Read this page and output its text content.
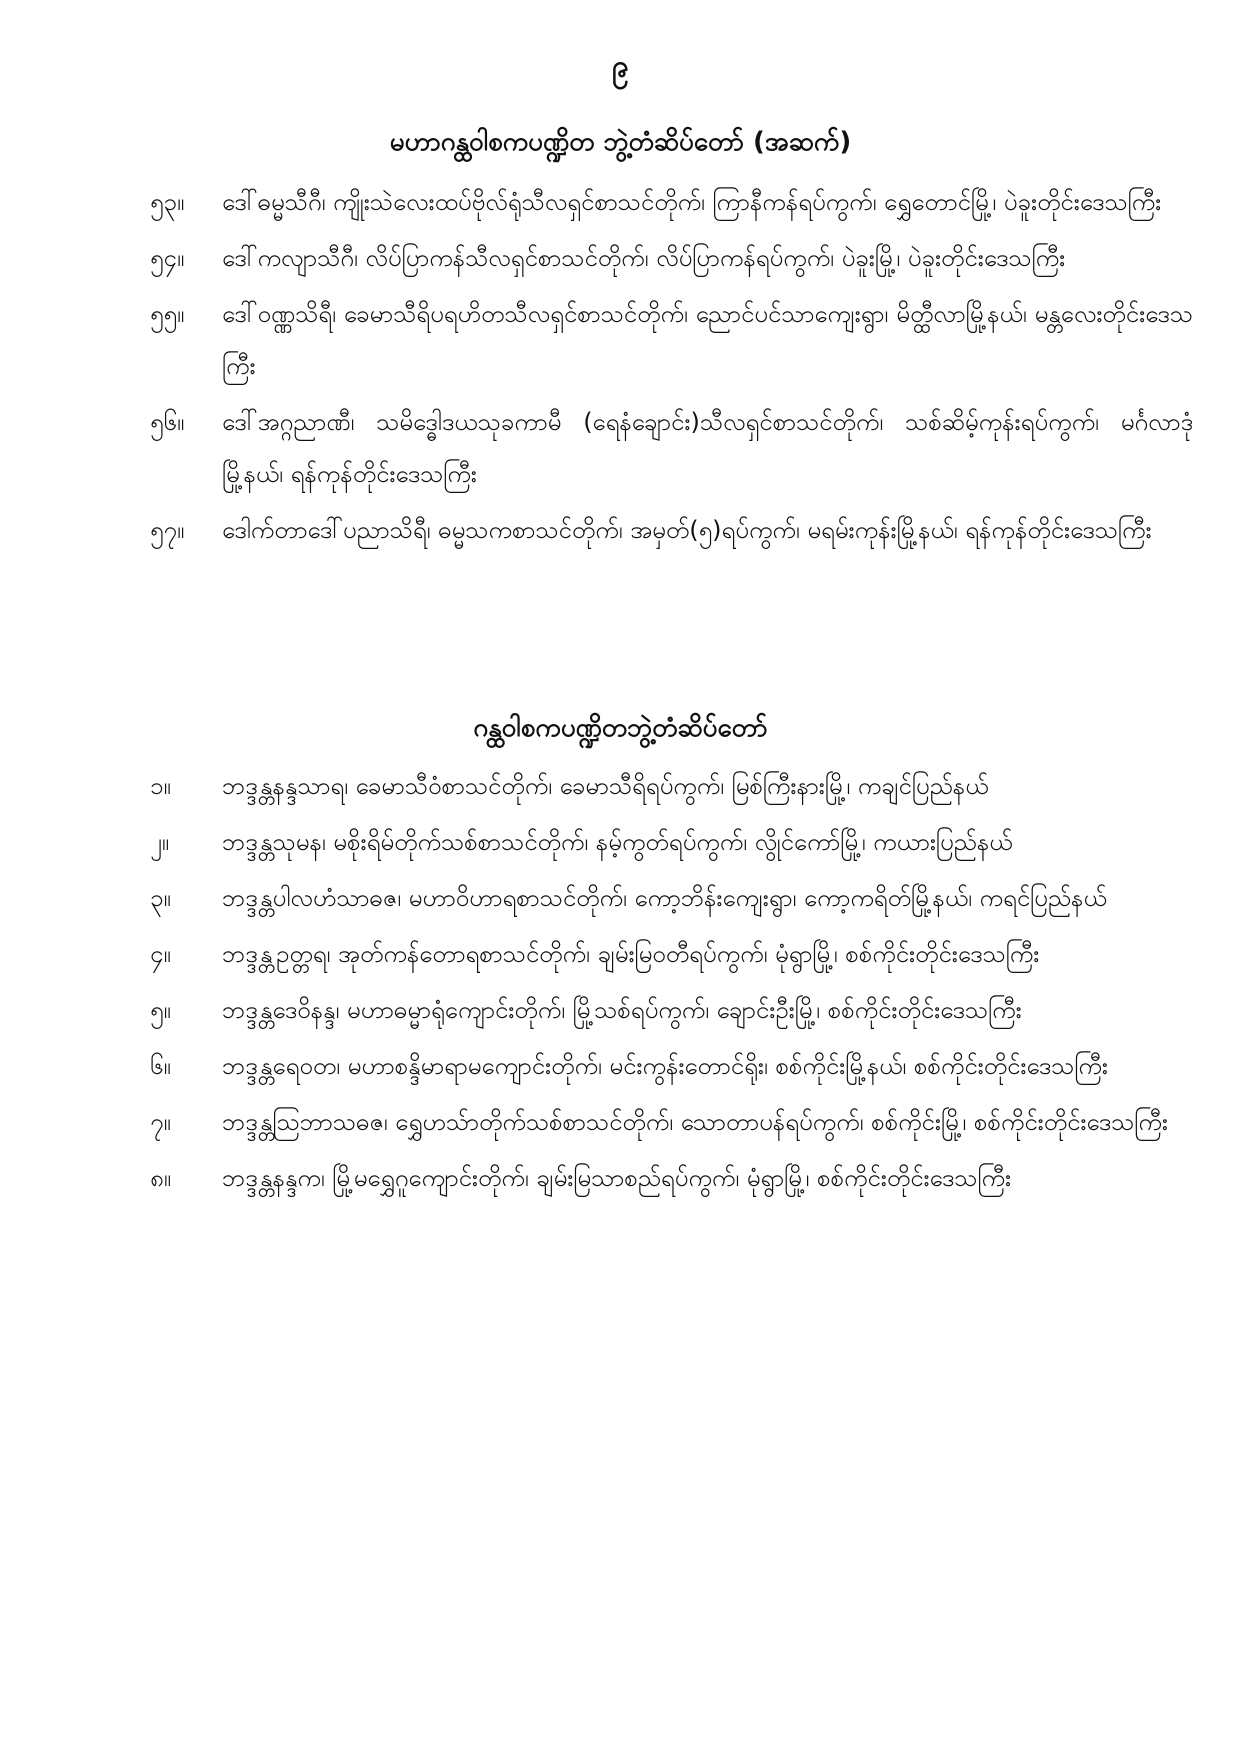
၉
မဟာဂန္ထဝါစကပဏ္ဍိတ ဘွဲ့တံဆိပ်တော် (အဆက်)
၅၃။ ဒေါ်ဓမ္မသီဂီ၊ ကျိုးသဲလေးထပ်ဗိုလ်ရုံသီလရှင်စာသင်တိုက်၊ ကြာနီကန်ရပ်ကွက်၊ ရွှေတောင်မြို့၊ ပဲခူးတိုင်းဒေသကြီး
၅၄။ ဒေါ်ကလျာသီဂီ၊ လိပ်ပြာကန်သီလရှင်စာသင်တိုက်၊ လိပ်ပြာကန်ရပ်ကွက်၊ ပဲခူးမြို့၊ ပဲခူးတိုင်းဒေသကြီး
၅၅။ ဒေါ်ဝဏ္ဏသိရီ၊ ခေမာသီရိပရဟိတသီလရှင်စာသင်တိုက်၊ ညောင်ပင်သာကျေးရွာ၊ မိတ္ထီလာမြို့နယ်၊ မန္တလေးတိုင်းဒေသကြီး
၅၆။ ဒေါ်အဂ္ဂညာဏီ၊ သမိဒ္ဓေါဒယသုခကာမီ (ရေနံချောင်း)သီလရှင်စာသင်တိုက်၊ သစ်ဆိမ့်ကုန်းရပ်ကွက်၊ မင်္ဂလာဒုံမြို့နယ်၊ ရန်ကုန်တိုင်းဒေသကြီး
၅၇။ ဒေါက်တာဒေါ်ပညာသိရီ၊ ဓမ္မသကစာသင်တိုက်၊ အမှတ်(၅)ရပ်ကွက်၊ မရမ်းကုန်းမြို့နယ်၊ ရန်ကုန်တိုင်းဒေသကြီး
ဂန္ထဝါစကပဏ္ဍိတဘွဲ့တံဆိပ်တော်
၁။ ဘဒ္ဒန္တနန္ဒသာရ၊ ခေမာသီဝံစာသင်တိုက်၊ ခေမာသီရိရပ်ကွက်၊ မြစ်ကြီးနားမြို့၊ ကချင်ပြည်နယ်
၂။ ဘဒ္ဒန္တသုမန၊ မစိုးရိမ်တိုက်သစ်စာသင်တိုက်၊ နမ့်ကွတ်ရပ်ကွက်၊ လွိုင်ကော်မြို့၊ ကယားပြည်နယ်
၃။ ဘဒ္ဒန္တပါလဟံသာဓဇ၊ မဟာဝိဟာရစာသင်တိုက်၊ ကော့ဘိန်းကျေးရွာ၊ ကော့ကရိတ်မြို့နယ်၊ ကရင်ပြည်နယ်
၄။ ဘဒ္ဒန္တဥတ္တရ၊ အုတ်ကန်တောရစာသင်တိုက်၊ ချမ်းမြဝတီရပ်ကွက်၊ မုံရွာမြို့၊ စစ်ကိုင်းတိုင်းဒေသကြီး
၅။ ဘဒ္ဒန္တဒေဝိနန္ဒ၊ မဟာဓမ္မာရုံကျောင်းတိုက်၊ မြို့သစ်ရပ်ကွက်၊ ချောင်းဦးမြို့၊ စစ်ကိုင်းတိုင်းဒေသကြီး
၆။ ဘဒ္ဒန္တရေဝတ၊ မဟာစန္ဒိမာရာမကျောင်းတိုက်၊ မင်းကွန်းတောင်ရိုး၊ စစ်ကိုင်းမြို့နယ်၊ စစ်ကိုင်းတိုင်းဒေသကြီး
၇။ ဘဒ္ဒန္တသြဘာသဓဇ၊ ရွှေဟသ်ာတိုက်သစ်စာသင်တိုက်၊ သောတာပန်ရပ်ကွက်၊ စစ်ကိုင်းမြို့၊ စစ်ကိုင်းတိုင်းဒေသကြီး
၈။ ဘဒ္ဒန္တနန္ဒက၊ မြို့မရွှေဂူကျောင်းတိုက်၊ ချမ်းမြသာစည်ရပ်ကွက်၊ မုံရွာမြို့၊ စစ်ကိုင်းတိုင်းဒေသကြီး
